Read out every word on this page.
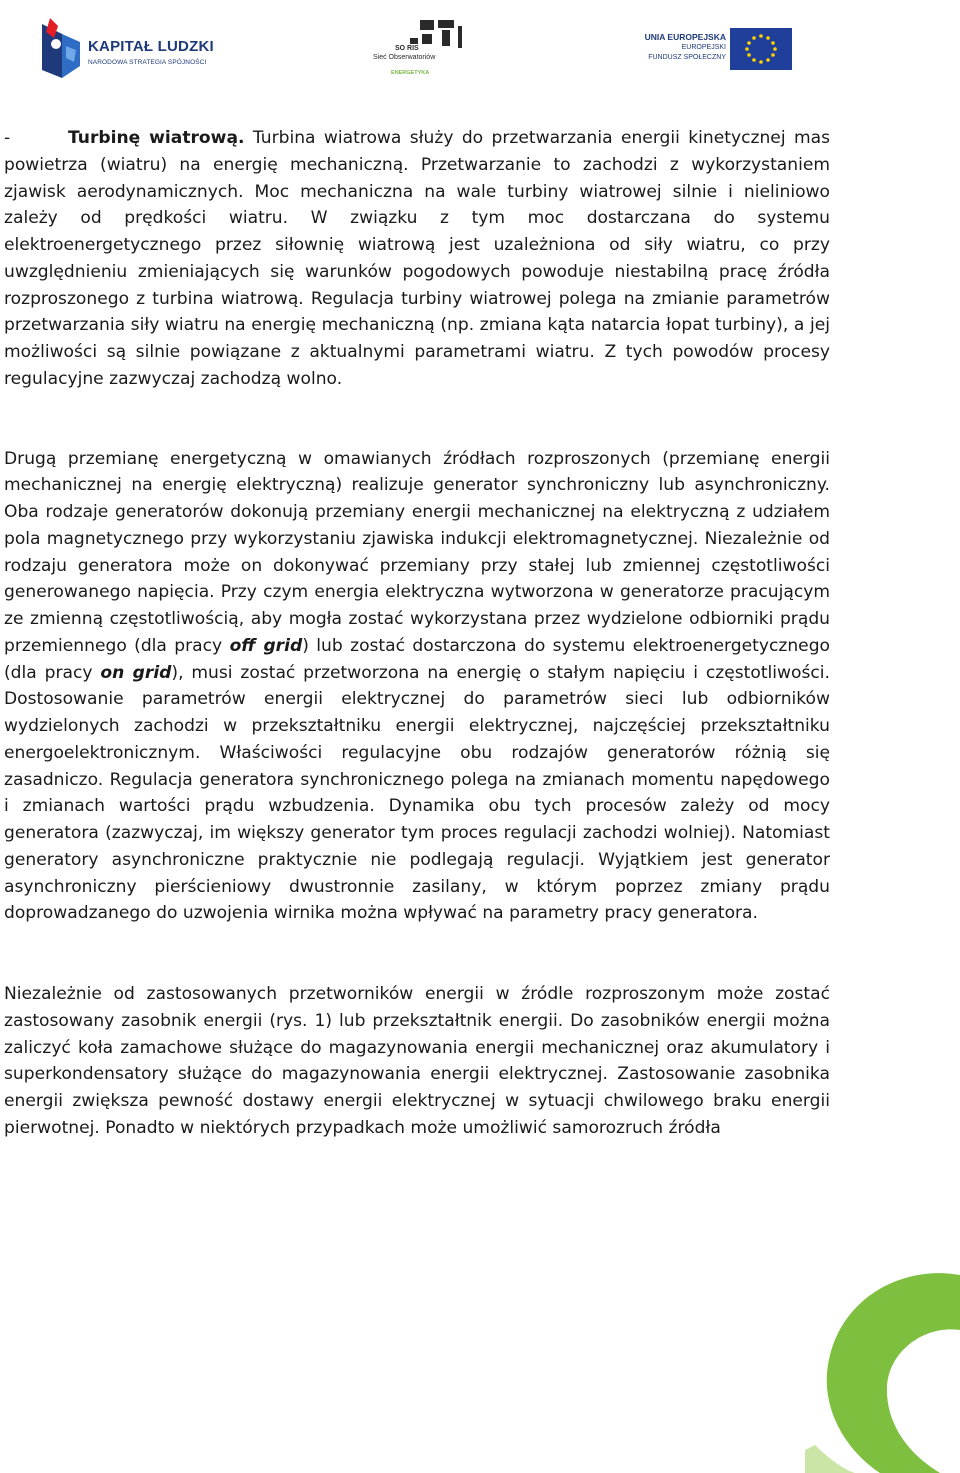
KAPITAŁ LUDZKI
NARODOWA STRATEGIA SPÓJNOŚCI
SO RIS
Sieć Obserwatoriów
ENERGETYKA
UNIA EUROPEJSKA
EUROPEJSKI
FUNDUSZ SPOŁECZNY

-	Turbinę wiatrową. Turbina wiatrowa służy do przetwarzania energii kinetycznej mas powietrza (wiatru) na energię mechaniczną. Przetwarzanie to zachodzi z wykorzystaniem zjawisk aerodynamicznych. Moc mechaniczna na wale turbiny wiatrowej silnie i nieliniowo zależy od prędkości wiatru. W związku z tym moc dostarczana do systemu elektroenergetycznego przez siłownię wiatrową jest uzależniona od siły wiatru, co przy uwzględnieniu zmieniających się warunków pogodowych powoduje niestabilną pracę źródła rozproszonego z turbina wiatrową. Regulacja turbiny wiatrowej polega na zmianie parametrów przetwarzania siły wiatru na energię mechaniczną (np. zmiana kąta natarcia łopat turbiny), a jej możliwości są silnie powiązane z aktualnymi parametrami wiatru. Z tych powodów procesy regulacyjne zazwyczaj zachodzą wolno.

Drugą przemianę energetyczną w omawianych źródłach rozproszonych (przemianę energii mechanicznej na energię elektryczną) realizuje generator synchroniczny lub asynchroniczny. Oba rodzaje generatorów dokonują przemiany energii mechanicznej na elektryczną z udziałem pola magnetycznego przy wykorzystaniu zjawiska indukcji elektromagnetycznej. Niezależnie od rodzaju generatora może on dokonywać przemiany przy stałej lub zmiennej częstotliwości generowanego napięcia. Przy czym energia elektryczna wytworzona w generatorze pracującym ze zmienną częstotliwością, aby mogła zostać wykorzystana przez wydzielone odbiorniki prądu przemiennego (dla pracy off grid) lub zostać dostarczona do systemu elektroenergetycznego (dla pracy on grid), musi zostać przetworzona na energię o stałym napięciu i częstotliwości. Dostosowanie parametrów energii elektrycznej do parametrów sieci lub odbiorników wydzielonych zachodzi w przekształtniku energii elektrycznej, najczęściej przekształtniku energoelektronicznym. Właściwości regulacyjne obu rodzajów generatorów różnią się zasadniczo. Regulacja generatora synchronicznego polega na zmianach momentu napędowego i zmianach wartości prądu wzbudzenia. Dynamika obu tych procesów zależy od mocy generatora (zazwyczaj, im większy generator tym proces regulacji zachodzi wolniej). Natomiast generatory asynchroniczne praktycznie nie podlegają regulacji. Wyjątkiem jest generator asynchroniczny pierścieniowy dwustronnie zasilany, w którym poprzez zmiany prądu doprowadzanego do uzwojenia wirnika można wpływać na parametry pracy generatora.

Niezależnie od zastosowanych przetworników energii w źródle rozproszonym może zostać zastosowany zasobnik energii (rys. 1) lub przekształtnik energii. Do zasobników energii można zaliczyć koła zamachowe służące do magazynowania energii mechanicznej oraz akumulatory i superkondensatory służące do magazynowania energii elektrycznej. Zastosowanie zasobnika energii zwiększa pewność dostawy energii elektrycznej w sytuacji chwilowego braku energii pierwotnej. Ponadto w niektórych przypadkach może umożliwić samorozruch źródła
